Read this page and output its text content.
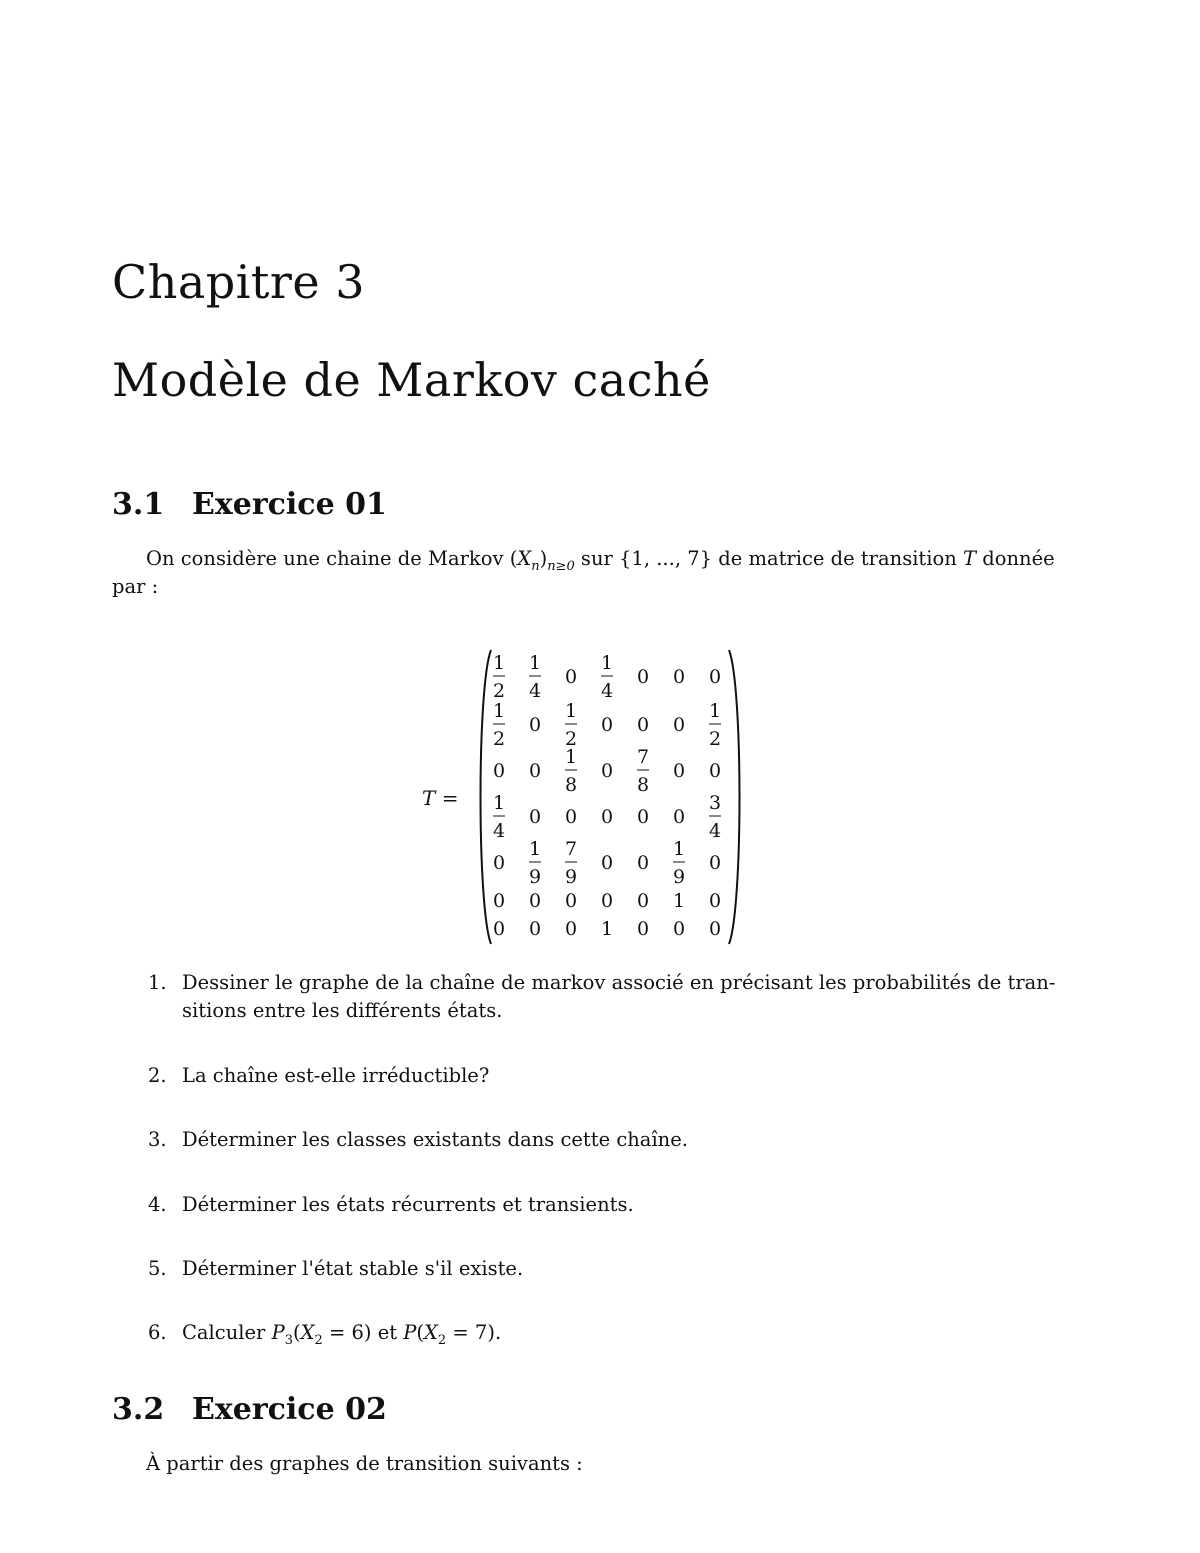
Chapitre 3
Modèle de Markov caché
3.1 Exercice 01
On considère une chaine de Markov $(X_n)_{n\ge 0}$ sur {1, ..., 7} de matrice de transition T donnée
par :
T =
1
2
1
4
0
1
4
0 0 0
1
2
0
1
2
0 0 0
1
2
0 0
1
8
0
7
8
0 0
1
4
0 0 0 0 0
3
4
0
1
9
7
9
0 0
1
9
0
0 0 0 0 0 1 0
0 0 0 1 0 0 0
1. Dessiner le graphe de la chaîne de markov associé en précisant les probabilités de tran-
sitions entre les différents états.
2. La chaîne est-elle irréductible?
3. Déterminer les classes existants dans cette chaîne.
4. Déterminer les états récurrents et transients.
5. Déterminer l'état stable s'il existe.
6. Calculer $P_3(X_2 = 6)$ et $P(X_2 = 7)$.
3.2 Exercice 02
À partir des graphes de transition suivants :
